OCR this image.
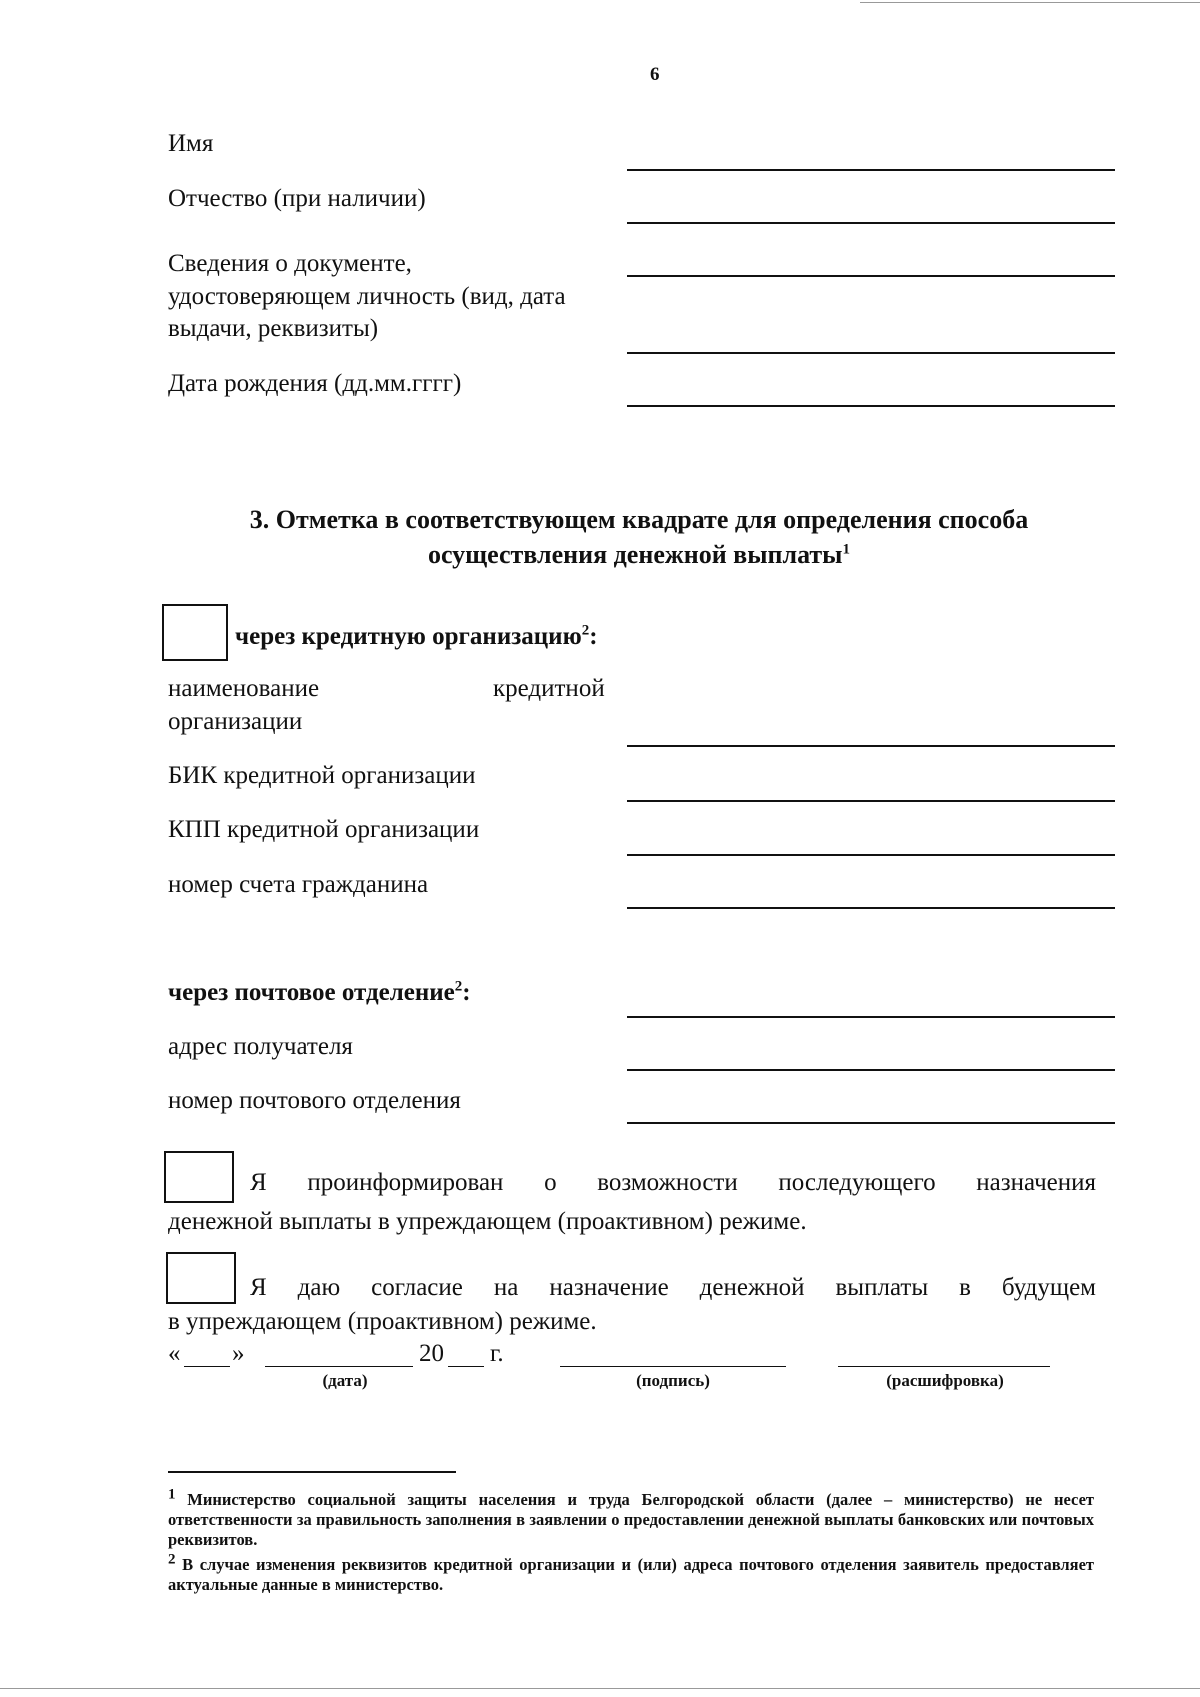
6
Имя
Отчество (при наличии)
Сведения о документе,
удостоверяющем личность (вид, дата
выдачи, реквизиты)
Дата рождения (дд.мм.гггг)
3. Отметка в соответствующем квадрате для определения способа
осуществления денежной выплаты$^1$
через кредитную организацию$^2$:
наименование	кредитной
организации
БИК кредитной организации
КПП кредитной организации
номер счета гражданина
через почтовое отделение$^2$:
адрес получателя
номер почтового отделения
Я проинформирован о возможности последующего назначения
денежной выплаты в упреждающем (проактивном) режиме.
Я даю согласие на назначение денежной выплаты в будущем
в упреждающем (проактивном) режиме.
« »	20 г.
(дата)	(подпись)	(расшифровка)
$^1$ Министерство социальной защиты населения и труда Белгородской области (далее – министерство) не несет ответственности за правильность заполнения в заявлении о предоставлении денежной выплаты банковских или почтовых реквизитов.
$^2$ В случае изменения реквизитов кредитной организации и (или) адреса почтового отделения заявитель предоставляет актуальные данные в министерство.
